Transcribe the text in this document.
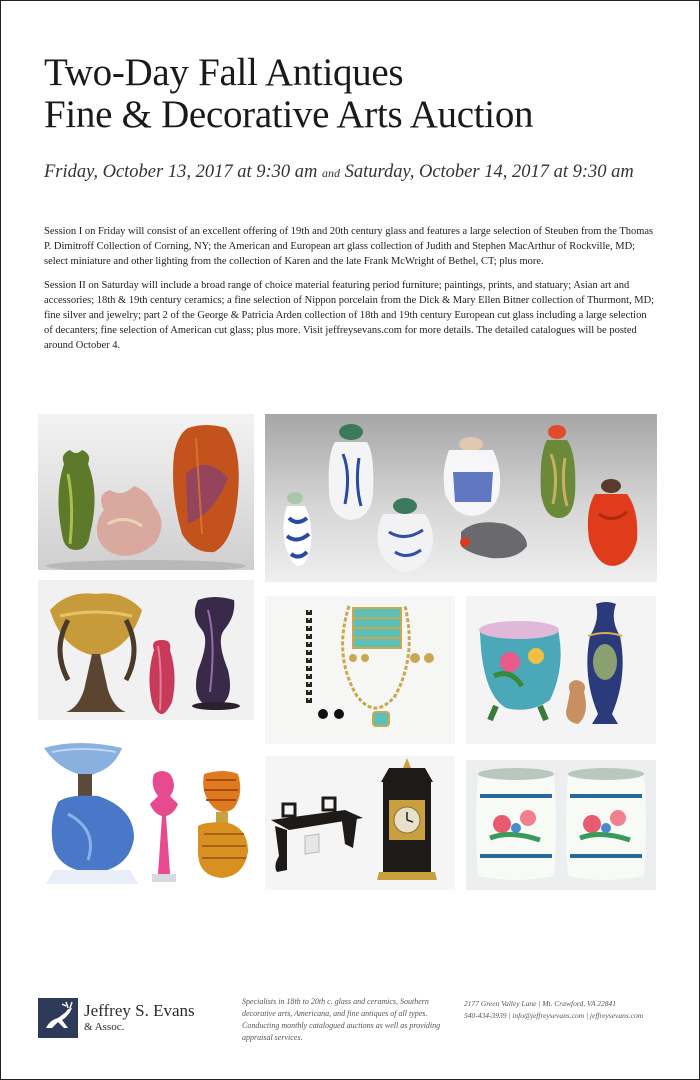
Two-Day Fall Antiques
Fine & Decorative Arts Auction
Friday, October 13, 2017 at 9:30 am and Saturday, October 14, 2017 at 9:30 am

Session I on Friday will consist of an excellent offering of 19th and 20th century glass and features a large selection of Steuben from the Thomas P. Dimitroff Collection of Corning, NY; the American and European art glass collection of Judith and Stephen MacArthur of Rockville, MD; select miniature and other lighting from the collection of Karen and the late Frank McWright of Bethel, CT; plus more.

Session II on Saturday will include a broad range of choice material featuring period furniture; paintings, prints, and statuary; Asian art and accessories; 18th & 19th century ceramics; a fine selection of Nippon porcelain from the Dick & Mary Ellen Bitner collection of Thurmont, MD; fine silver and jewelry; part 2 of the George & Patricia Arden collection of 18th and 19th century European cut glass including a large selection of decanters; fine selection of American cut glass; plus more. Visit jeffreysevans.com for more details. The detailed catalogues will be posted around October 4.

Jeffrey S. Evans
& Assoc.
Specialists in 18th to 20th c. glass and ceramics, Southern decorative arts, Americana, and fine antiques of all types. Conducting monthly catalogued auctions as well as providing appraisal services.
2177 Green Valley Lane | Mt. Crawford, VA 22841
540-434-3939 | info@jeffreysevans.com | jeffreysevans.com
